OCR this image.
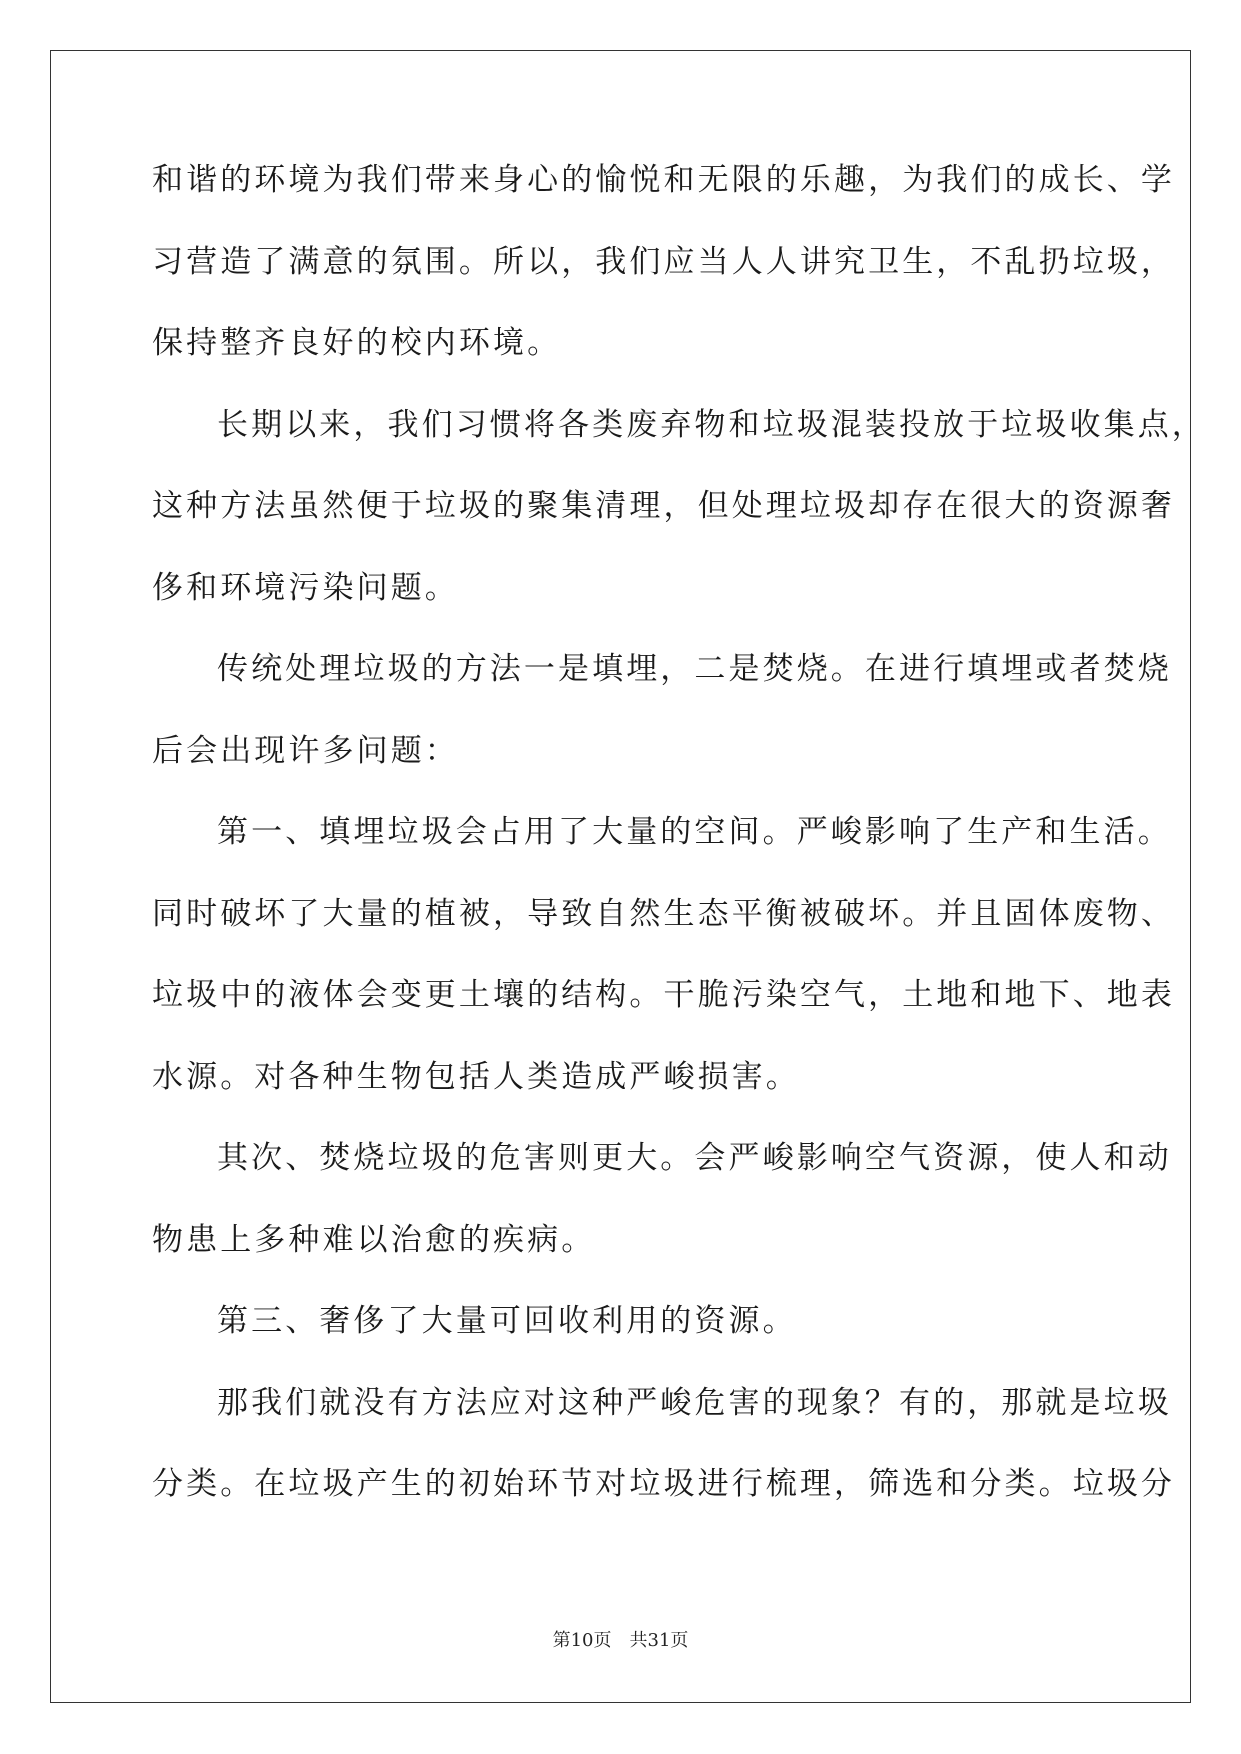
和谐的环境为我们带来身心的愉悦和无限的乐趣，为我们的成长、学
习营造了满意的氛围。所以，我们应当人人讲究卫生，不乱扔垃圾，
保持整齐良好的校内环境。
长期以来，我们习惯将各类废弃物和垃圾混装投放于垃圾收集点，
这种方法虽然便于垃圾的聚集清理，但处理垃圾却存在很大的资源奢
侈和环境污染问题。
传统处理垃圾的方法一是填埋，二是焚烧。在进行填埋或者焚烧
后会出现许多问题：
第一、填埋垃圾会占用了大量的空间。严峻影响了生产和生活。
同时破坏了大量的植被，导致自然生态平衡被破坏。并且固体废物、
垃圾中的液体会变更土壤的结构。干脆污染空气，土地和地下、地表
水源。对各种生物包括人类造成严峻损害。
其次、焚烧垃圾的危害则更大。会严峻影响空气资源，使人和动
物患上多种难以治愈的疾病。
第三、奢侈了大量可回收利用的资源。
那我们就没有方法应对这种严峻危害的现象？有的，那就是垃圾
分类。在垃圾产生的初始环节对垃圾进行梳理，筛选和分类。垃圾分
第10页　共31页
